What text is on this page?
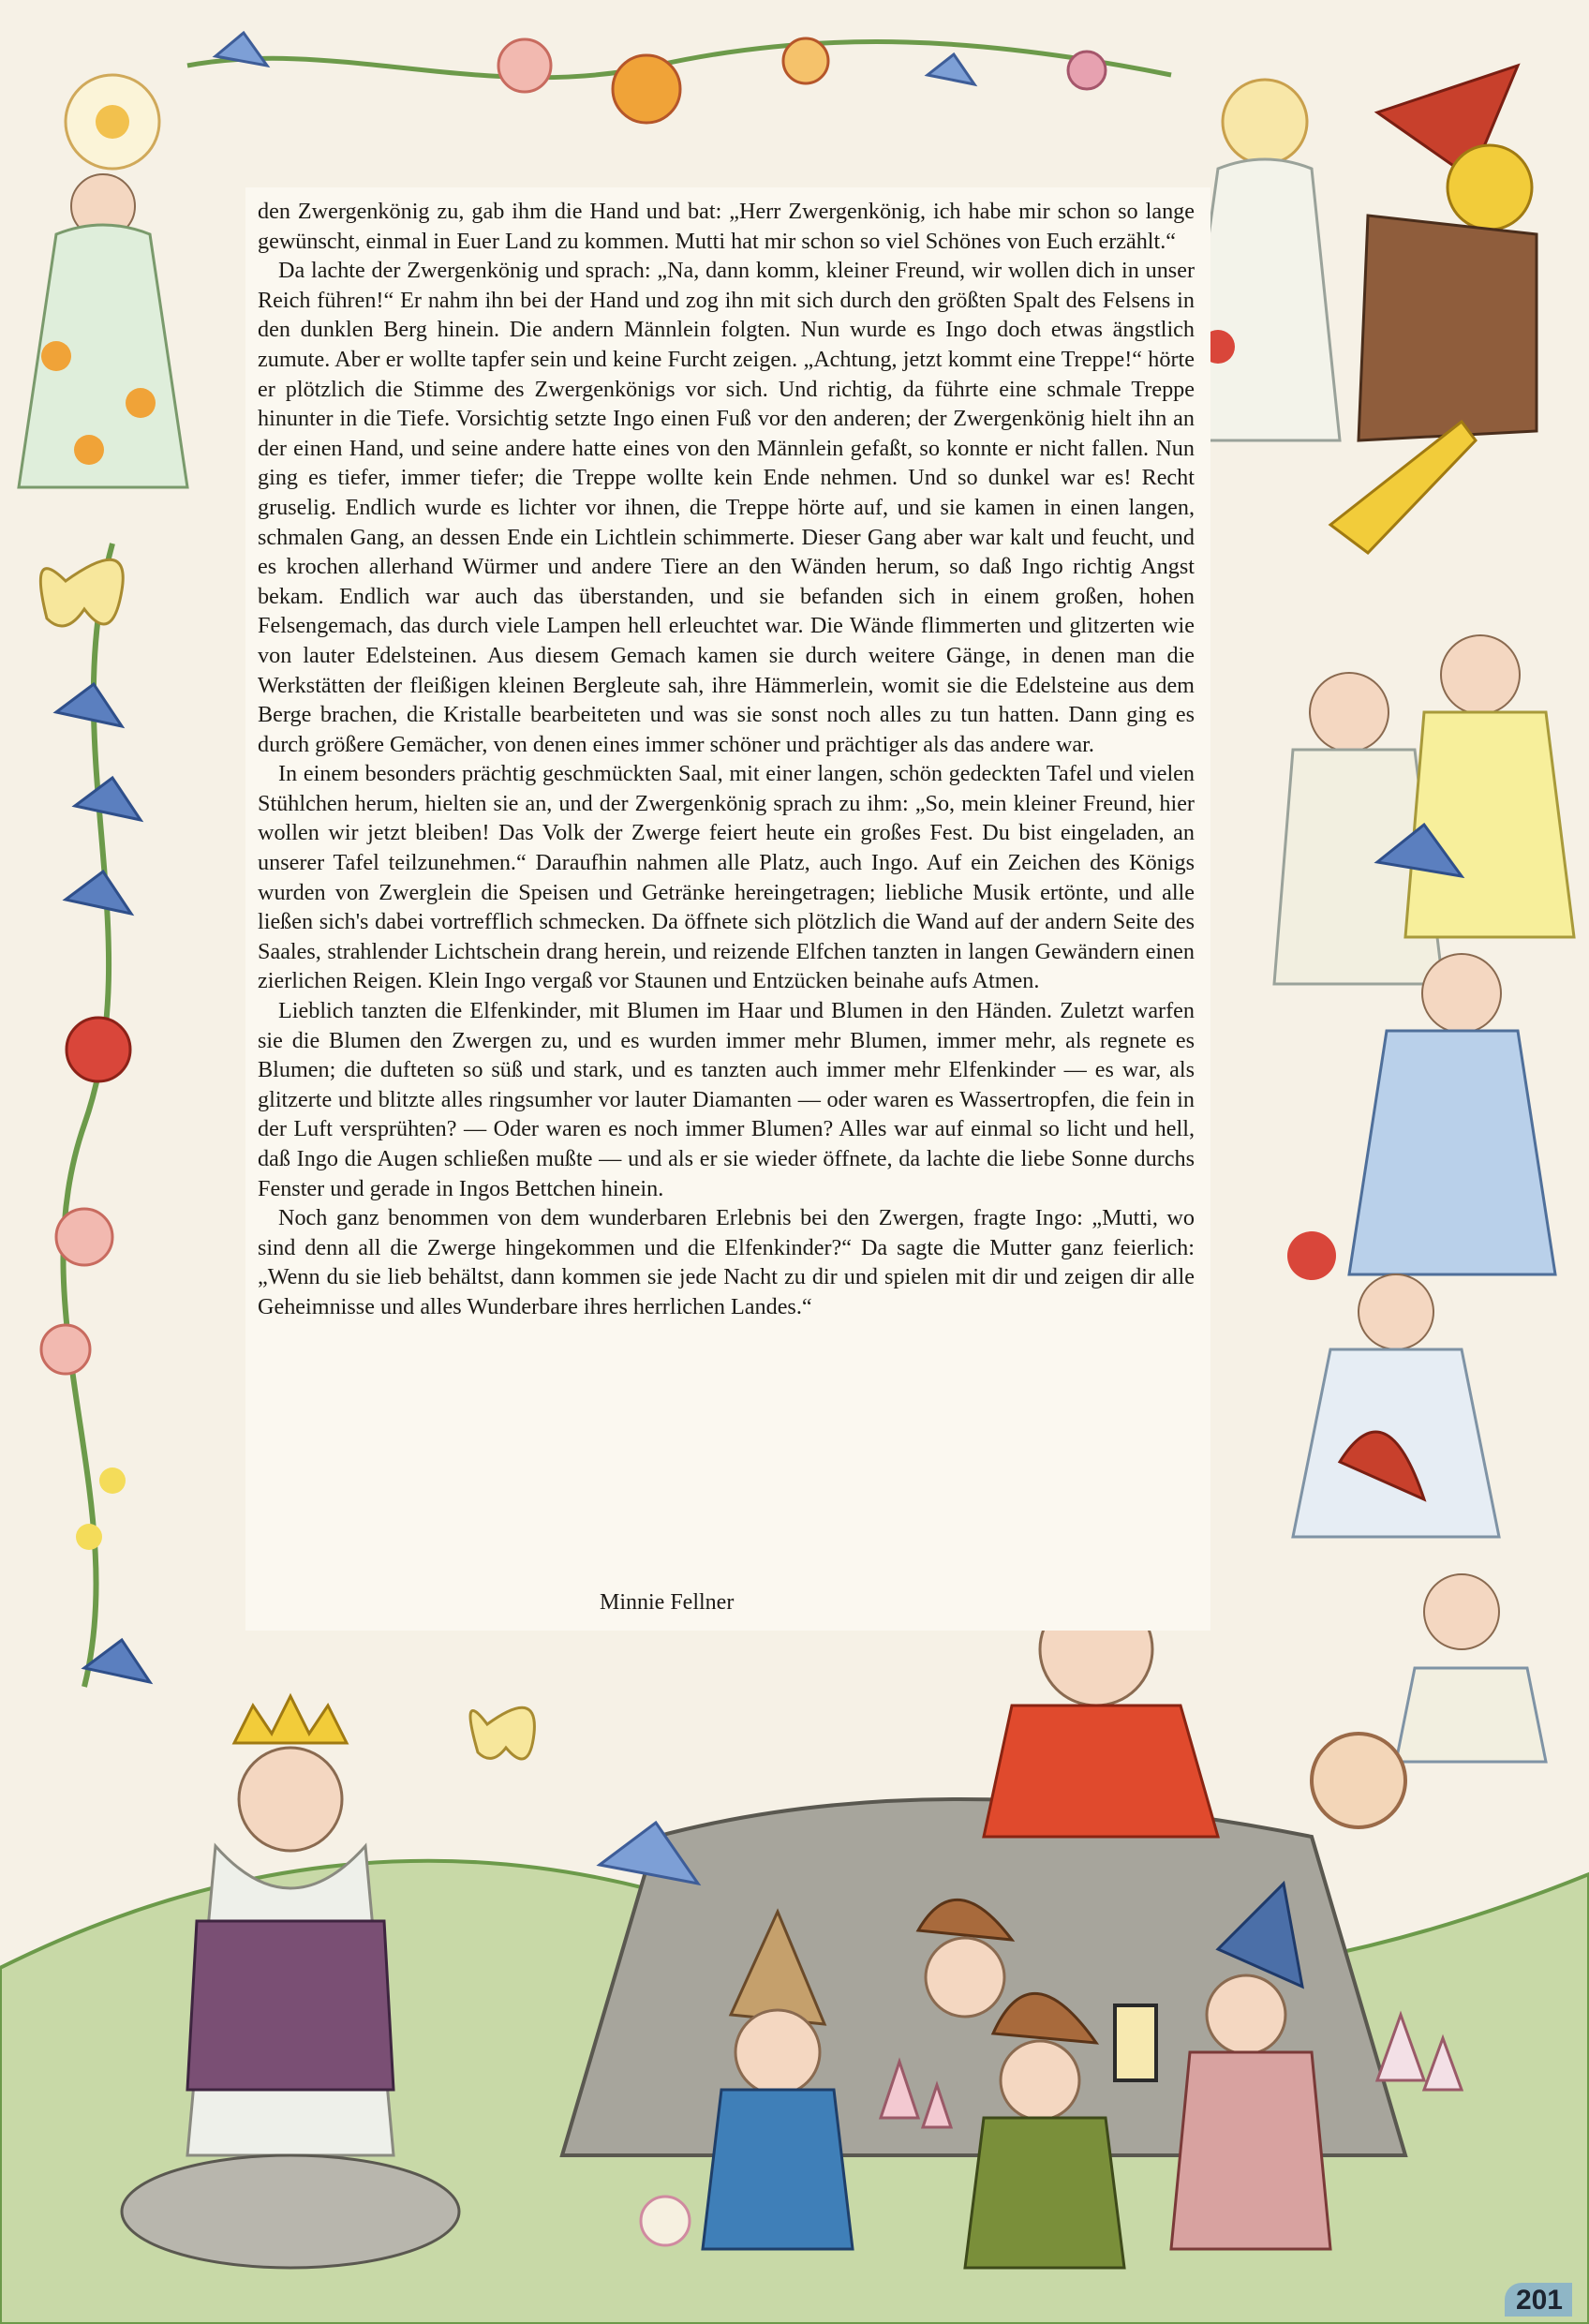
den Zwergenkönig zu, gab ihm die Hand und bat: „Herr Zwergenkönig, ich habe mir schon so lange gewünscht, einmal in Euer Land zu kommen. Mutti hat mir schon so viel Schönes von Euch erzählt.“

Da lachte der Zwergenkönig und sprach: „Na, dann komm, kleiner Freund, wir wollen dich in unser Reich führen!“ Er nahm ihn bei der Hand und zog ihn mit sich durch den größten Spalt des Felsens in den dunklen Berg hinein. Die andern Männlein folgten. Nun wurde es Ingo doch etwas ängstlich zumute. Aber er wollte tapfer sein und keine Furcht zeigen. „Achtung, jetzt kommt eine Treppe!“ hörte er plötzlich die Stimme des Zwergenkönigs vor sich. Und richtig, da führte eine schmale Treppe hinunter in die Tiefe. Vorsichtig setzte Ingo einen Fuß vor den anderen; der Zwergenkönig hielt ihn an der einen Hand, und seine andere hatte eines von den Männlein gefaßt, so konnte er nicht fallen. Nun ging es tiefer, immer tiefer; die Treppe wollte kein Ende nehmen. Und so dunkel war es! Recht gruselig. Endlich wurde es lichter vor ihnen, die Treppe hörte auf, und sie kamen in einen langen, schmalen Gang, an dessen Ende ein Lichtlein schimmerte. Dieser Gang aber war kalt und feucht, und es krochen allerhand Würmer und andere Tiere an den Wänden herum, so daß Ingo richtig Angst bekam. Endlich war auch das überstanden, und sie befanden sich in einem großen, hohen Felsengemach, das durch viele Lampen hell erleuchtet war. Die Wände flimmerten und glitzerten wie von lauter Edelsteinen. Aus diesem Gemach kamen sie durch weitere Gänge, in denen man die Werkstätten der fleißigen kleinen Bergleute sah, ihre Hämmerlein, womit sie die Edelsteine aus dem Berge brachen, die Kristalle bearbeiteten und was sie sonst noch alles zu tun hatten. Dann ging es durch größere Gemächer, von denen eines immer schöner und prächtiger als das andere war.

In einem besonders prächtig geschmückten Saal, mit einer langen, schön gedeckten Tafel und vielen Stühlchen herum, hielten sie an, und der Zwergenkönig sprach zu ihm: „So, mein kleiner Freund, hier wollen wir jetzt bleiben! Das Volk der Zwerge feiert heute ein großes Fest. Du bist eingeladen, an unserer Tafel teilzunehmen.“ Daraufhin nahmen alle Platz, auch Ingo. Auf ein Zeichen des Königs wurden von Zwerglein die Speisen und Getränke hereingetragen; liebliche Musik ertönte, und alle ließen sich's dabei vortrefflich schmecken. Da öffnete sich plötzlich die Wand auf der andern Seite des Saales, strahlender Lichtschein drang herein, und reizende Elfchen tanzten in langen Gewändern einen zierlichen Reigen. Klein Ingo vergaß vor Staunen und Entzücken beinahe aufs Atmen.

Lieblich tanzten die Elfenkinder, mit Blumen im Haar und Blumen in den Händen. Zuletzt warfen sie die Blumen den Zwergen zu, und es wurden immer mehr Blumen, immer mehr, als regnete es Blumen; die dufteten so süß und stark, und es tanzten auch immer mehr Elfenkinder — es war, als glitzerte und blitzte alles ringsumher vor lauter Diamanten — oder waren es Wassertropfen, die fein in der Luft versprühten? — Oder waren es noch immer Blumen? Alles war auf einmal so licht und hell, daß Ingo die Augen schließen mußte — und als er sie wieder öffnete, da lachte die liebe Sonne durchs Fenster und gerade in Ingos Bettchen hinein.

Noch ganz benommen von dem wunderbaren Erlebnis bei den Zwergen, fragte Ingo: „Mutti, wo sind denn all die Zwerge hingekommen und die Elfenkinder?“ Da sagte die Mutter ganz feierlich: „Wenn du sie lieb behältst, dann kommen sie jede Nacht zu dir und spielen mit dir und zeigen dir alle Geheimnisse und alles Wunderbare ihres herrlichen Landes.“

Minnie Fellner
201
